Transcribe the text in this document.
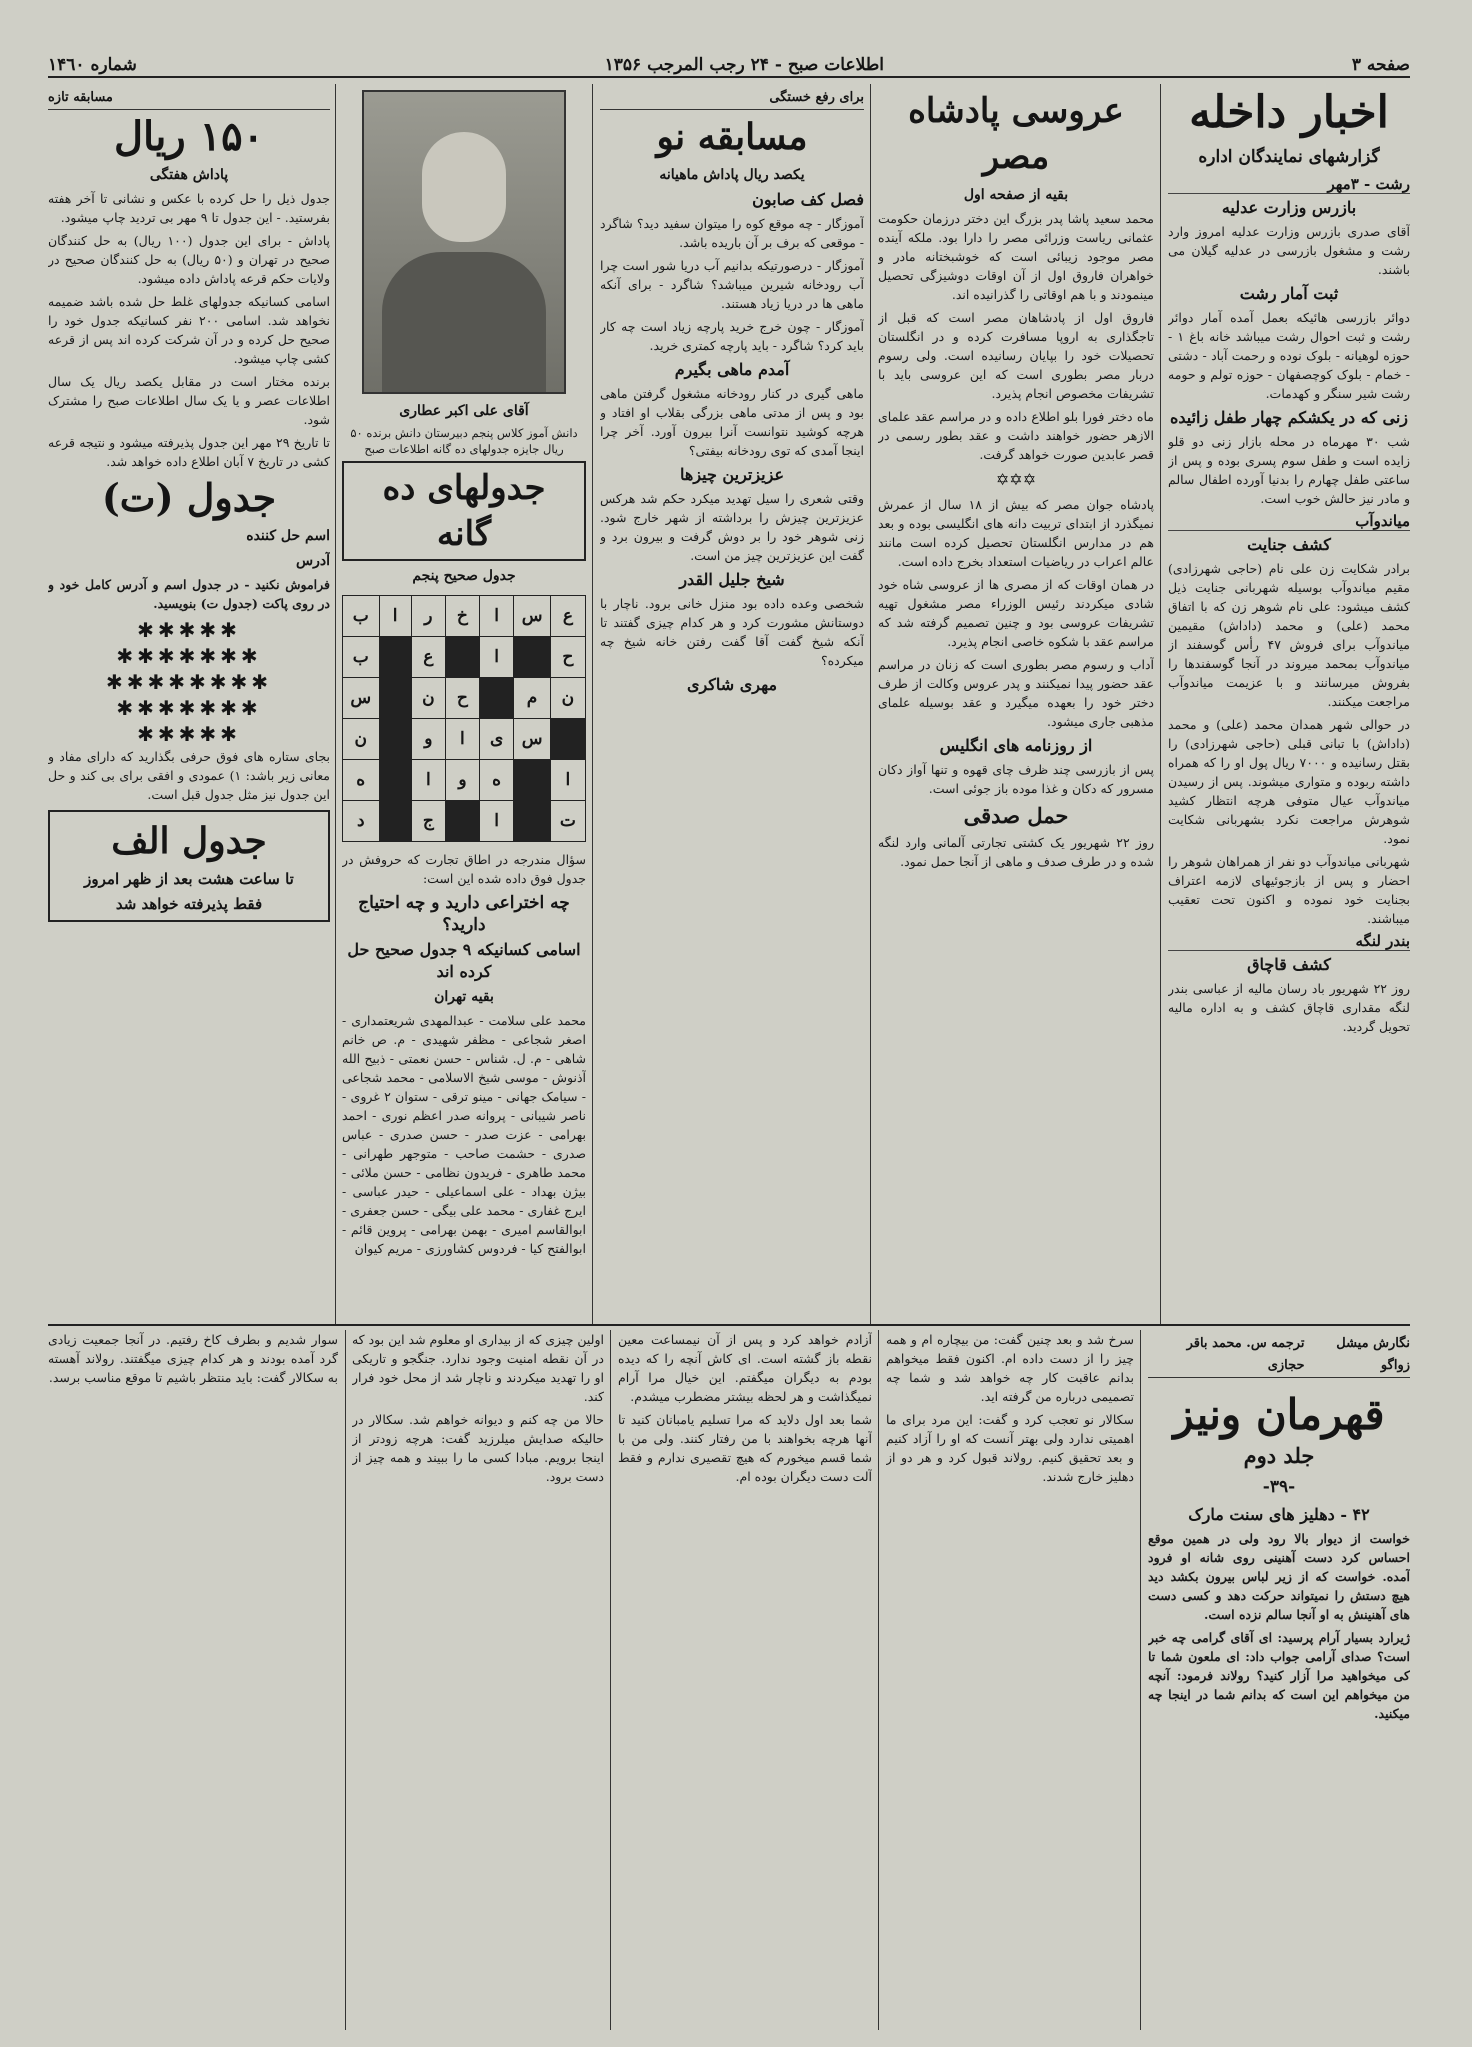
صفحه ۳
اطلاعات صبح - ۲۴ رجب المرجب ۱۳۵۶
شماره ۱۴٦۰
اخبار داخله
گزارشهای نمایندگان اداره
رشت - ۳مهر
بازرس وزارت عدلیه

آقای صدری بازرس وزارت عدلیه امروز وارد رشت و مشغول بازرسی در عدلیه گیلان می باشند.

ثبت آمار رشت

دوائر بازرسی هائیکه بعمل آمده آمار دوائر رشت و ثبت احوال رشت میباشد خانه باغ ۱ - حوزه لوهیانه - بلوک نوده و رحمت آباد - دشتی - خمام - بلوک کوچصفهان - حوزه تولم و حومه رشت شیر سنگر و کهدمات.

زنی که در یکشکم چهار طفل زائیده

شب ۳۰ مهرماه در محله بازار زنی دو قلو زایده است و طفل سوم پسری بوده و پس از ساعتی طفل چهارم را بدنیا آورده اطفال سالم و مادر نیز حالش خوب است.

میاندوآب
کشف جنایت

برادر شکایت زن علی نام (حاجی شهرزادی) مقیم میاندوآب بوسیله شهربانی جنایت ذیل کشف میشود: علی نام شوهر زن که با اتفاق محمد (علی) و محمد (داداش) مقیمین میاندوآب برای فروش ۴۷ رأس گوسفند از میاندوآب بمحمد میروند در آنجا گوسفندها را بفروش میرسانند و با عزیمت میاندوآب مراجعت میکنند.

در حوالی شهر همدان محمد (علی) و محمد (داداش) با تبانی قبلی (حاجی شهرزادی) را بقتل رسانیده و ۷۰۰۰ ریال پول او را که همراه داشته ربوده و متواری میشوند. پس از رسیدن میاندوآب عیال متوفی هرچه انتظار کشید شوهرش مراجعت نکرد بشهربانی شکایت نمود.

شهربانی میاندوآب دو نفر از همراهان شوهر را احضار و پس از بازجوئیهای لازمه اعتراف بجنایت خود نموده و اکنون تحت تعقیب میباشند.

بندر لنگه
کشف قاچاق

روز ۲۲ شهریور باد رسان مالیه از عباسی بندر لنگه مقداری قاچاق کشف و به اداره مالیه تحویل گردید.

عروسی پادشاه مصر
بقیه از صفحه اول

محمد سعید پاشا پدر بزرگ این دختر درزمان حکومت عثمانی ریاست وزرائی مصر را دارا بود. ملکه آینده مصر موجود زیبائی است که خوشبختانه مادر و خواهران فاروق اول از آن اوقات دوشیزگی تحصیل مینمودند و با هم اوقاتی را گذرانیده اند.

فاروق اول از پادشاهان مصر است که قبل از تاجگذاری به اروپا مسافرت کرده و در انگلستان تحصیلات خود را بپایان رسانیده است. ولی رسوم دربار مصر بطوری است که این عروسی باید با تشریفات مخصوص انجام پذیرد.

ماه دختر فورا بلو اطلاع داده و در مراسم عقد علمای الازهر حضور خواهند داشت و عقد بطور رسمی در قصر عابدین صورت خواهد گرفت.

✡✡✡

پادشاه جوان مصر که بیش از ۱۸ سال از عمرش نمیگذرد از ابتدای تربیت دانه های انگلیسی بوده و بعد هم در مدارس انگلستان تحصیل کرده است مانند عالم اعراب در ریاضیات استعداد بخرج داده است.

در همان اوقات که از مصری ها از عروسی شاه خود شادی میکردند رئیس الوزراء مصر مشغول تهیه تشریفات عروسی بود و چنین تصمیم گرفته شد که مراسم عقد با شکوه خاصی انجام پذیرد.

آداب و رسوم مصر بطوری است که زنان در مراسم عقد حضور پیدا نمیکنند و پدر عروس وکالت از طرف دختر خود را بعهده میگیرد و عقد بوسیله علمای مذهبی جاری میشود.

از روزنامه های انگلیس

پس از بازرسی چند ظرف چای قهوه و تنها آواز دکان مسرور که دکان و غذا موده باز جوئی است.

حمل صدقی

روز ۲۲ شهریور یک کشتی تجارتی آلمانی وارد لنگه شده و در طرف صدف و ماهی از آنجا حمل نمود.

برای رفع خستگی
مسابقه نو
یکصد ریال پاداش ماهیانه
فصل کف صابون

آموزگار - چه موقع کوه را میتوان سفید دید؟ شاگرد - موقعی که برف بر آن باریده باشد.

آموزگار - درصورتیکه بدانیم آب دریا شور است چرا آب رودخانه شیرین میباشد؟ شاگرد - برای آنکه ماهی ها در دریا زیاد هستند.

آموزگار - چون خرج خرید پارچه زیاد است چه کار باید کرد؟ شاگرد - باید پارچه کمتری خرید.

آمدم ماهی بگیرم

ماهی گیری در کنار رودخانه مشغول گرفتن ماهی بود و پس از مدتی ماهی بزرگی بقلاب او افتاد و هرچه کوشید نتوانست آنرا بیرون آورد. آخر چرا اینجا آمدی که توی رودخانه بیفتی؟

عزیزترین چیزها

وقتی شعری را سیل تهدید میکرد حکم شد هرکس عزیزترین چیزش را برداشته از شهر خارج شود. زنی شوهر خود را بر دوش گرفت و بیرون برد و گفت این عزیزترین چیز من است.

شیخ جلیل القدر

شخصی وعده داده بود منزل خانی برود. ناچار با دوستانش مشورت کرد و هر کدام چیزی گفتند تا آنکه شیخ گفت آقا گفت رفتن خانه شیخ چه میکرده؟

مهری شاکری
آقای علی اکبر عطاری

دانش آموز کلاس پنجم دبیرستان دانش برنده ۵۰ ریال جایزه جدولهای ده گانه اطلاعات صبح

جدولهای ده گانه
جدول صحیح پنجم
ع	س	ا	خ	ر	ا	ب
ح		ا		ع		ب
ن	م		ح	ن		س
	س	ی	ا	و		ن
ا		ه	و	ا		ه
ت		ا		ج		د

سؤال مندرجه در اطاق تجارت که حروفش در جدول فوق داده شده این است:

چه اختراعی دارید و چه احتیاج دارید؟
اسامی کسانیکه ۹ جدول صحیح حل کرده اند
بقیه تهران

محمد علی سلامت - عبدالمهدی شریعتمداری - اصغر شجاعی - مظفر شهیدی - م. ص خانم شاهی - م. ل. شناس - حسن نعمتی - ذبیح الله آذنوش - موسی شیخ الاسلامی - محمد شجاعی - سیامک جهانی - مینو ترقی - ستوان ۲ غروی - ناصر شیبانی - پروانه صدر اعظم نوری - احمد بهرامی - عزت صدر - حسن صدری - عباس صدری - حشمت صاحب - متوجهر طهرانی - محمد طاهری - فریدون نظامی - حسن ملائی - بیژن بهداد - علی اسماعیلی - حیدر عباسی - ایرج غفاری - محمد علی بیگی - حسن جعفری - ابوالقاسم امیری - بهمن بهرامی - پروین قائم - ابوالفتح کیا - فردوس کشاورزی - مریم کیوان

مسابقه تازه
۱۵۰ ریال
پاداش هفتگی

جدول ذیل را حل کرده با عکس و نشانی تا آخر هفته بفرستید. - این جدول تا ۹ مهر بی تردید چاپ میشود.

پاداش - برای این جدول (۱۰۰ ریال) به حل کنندگان صحیح در تهران و (۵۰ ریال) به حل کنندگان صحیح در ولایات حکم قرعه پاداش داده میشود.

اسامی کسانیکه جدولهای غلط حل شده باشد ضمیمه نخواهد شد. اسامی ۲۰۰ نفر کسانیکه جدول خود را صحیح حل کرده و در آن شرکت کرده اند پس از قرعه کشی چاپ میشود.

برنده مختار است در مقابل یکصد ریال یک سال اطلاعات عصر و یا یک سال اطلاعات صبح را مشترک شود.

تا تاریخ ۲۹ مهر این جدول پذیرفته میشود و نتیجه قرعه کشی در تاریخ ۷ آبان اطلاع داده خواهد شد.

جدول (ت)
اسم حل کننده
آدرس

فراموش نکنید - در جدول اسم و آدرس کامل خود و در روی پاکت (جدول ت) بنویسید.

✱✱✱✱✱
✱✱✱✱✱✱✱
✱✱✱✱✱✱✱✱
✱✱✱✱✱✱✱
✱✱✱✱✱

بجای ستاره های فوق حرفی بگذارید که دارای مفاد و معانی زیر باشد: ۱) عمودی و افقی برای بی کند و حل این جدول نیز مثل جدول قبل است.

جدول الف
تا ساعت هشت بعد از ظهر امروز
فقط پذیرفته خواهد شد
نگارش میشل زواگو
ترجمه س. محمد باقر حجازی
قهرمان ونیز
جلد دوم
-۳۹-
۴۲ - دهلیز های سنت مارک

خواست از دیوار بالا رود ولی در همین موقع احساس کرد دست آهنینی روی شانه او فرود آمده. خواست که از زیر لباس بیرون بکشد دید هیچ دستش را نمیتواند حرکت دهد و کسی دست های آهنینش به او آنجا سالم نزده است.

ژیرارد بسیار آرام پرسید: ای آقای گرامی چه خبر است؟ صدای آرامی جواب داد: ای ملعون شما تا کی میخواهید مرا آزار کنید؟ رولاند فرمود: آنچه من میخواهم این است که بدانم شما در اینجا چه میکنید.

سرخ شد و بعد چنین گفت: من بیچاره ام و همه چیز را از دست داده ام. اکنون فقط میخواهم بدانم عاقبت کار چه خواهد شد و شما چه تصمیمی درباره من گرفته اید.

سکالار نو تعجب کرد و گفت: این مرد برای ما اهمیتی ندارد ولی بهتر آنست که او را آزاد کنیم و بعد تحقیق کنیم. رولاند قبول کرد و هر دو از دهلیز خارج شدند.

آزادم خواهد کرد و پس از آن نیمساعت معین نقطه باز گشته است. ای کاش آنچه را که دیده بودم به دیگران میگفتم. این خیال مرا آرام نمیگذاشت و هر لحظه بیشتر مضطرب میشدم.

شما بعد اول دلاید که مرا تسلیم یامبانان کنید تا آنها هرچه بخواهند با من رفتار کنند. ولی من با شما قسم میخورم که هیچ تقصیری ندارم و فقط آلت دست دیگران بوده ام.

اولین چیزی که از بیداری او معلوم شد این بود که در آن نقطه امنیت وجود ندارد. جنگجو و تاریکی او را تهدید میکردند و ناچار شد از محل خود فرار کند.

حالا من چه کنم و دیوانه خواهم شد. سکالار در حالیکه صدایش میلرزید گفت: هرچه زودتر از اینجا برویم. مبادا کسی ما را ببیند و همه چیز از دست برود.

سوار شدیم و بطرف کاخ رفتیم. در آنجا جمعیت زیادی گرد آمده بودند و هر کدام چیزی میگفتند. رولاند آهسته به سکالار گفت: باید منتظر باشیم تا موقع مناسب برسد.
